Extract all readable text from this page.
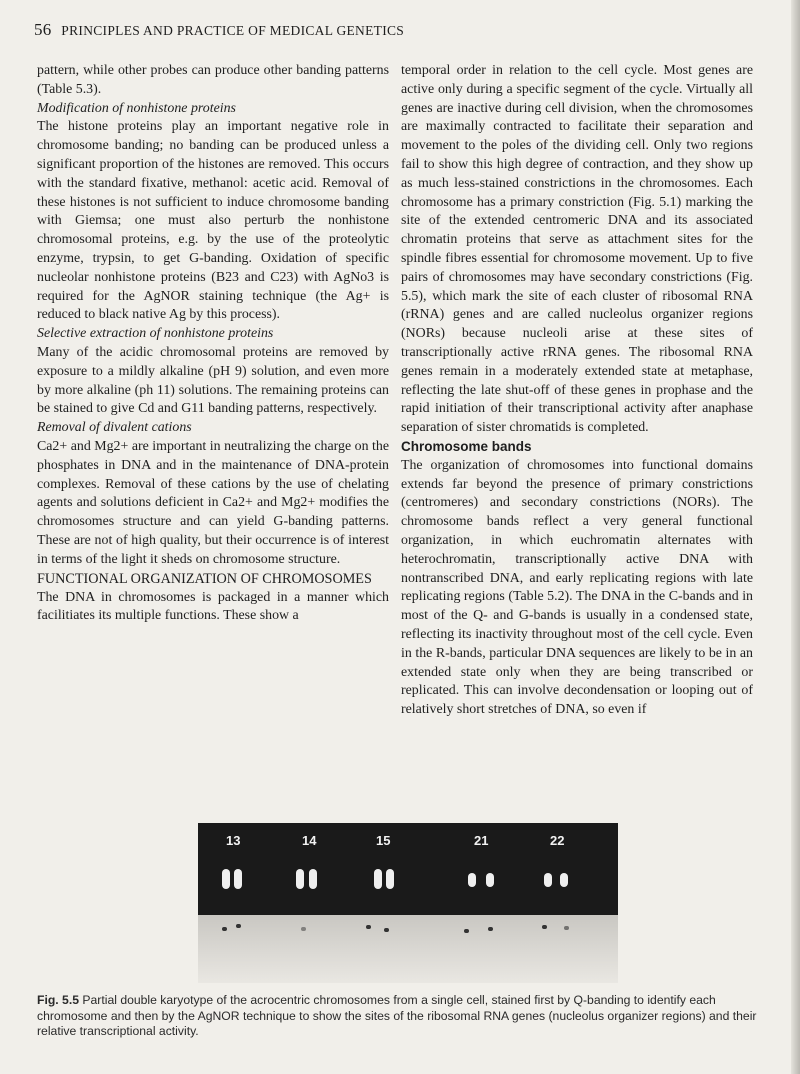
56 PRINCIPLES AND PRACTICE OF MEDICAL GENETICS

pattern, while other probes can produce other banding patterns (Table 5.3).

Modification of nonhistone proteins

The histone proteins play an important negative role in chromosome banding; no banding can be produced unless a significant proportion of the histones are removed. This occurs with the standard fixative, methanol: acetic acid. Removal of these histones is not sufficient to induce chromosome banding with Giemsa; one must also perturb the nonhistone chromosomal proteins, e.g. by the use of the proteolytic enzyme, trypsin, to get G-banding. Oxidation of specific nucleolar nonhistone proteins (B23 and C23) with AgNo3 is required for the AgNOR staining technique (the Ag+ is reduced to black native Ag by this process).

Selective extraction of nonhistone proteins

Many of the acidic chromosomal proteins are removed by exposure to a mildly alkaline (pH 9) solution, and even more by more alkaline (ph 11) solutions. The remaining proteins can be stained to give Cd and G11 banding patterns, respectively.

Removal of divalent cations

Ca2+ and Mg2+ are important in neutralizing the charge on the phosphates in DNA and in the maintenance of DNA-protein complexes. Removal of these cations by the use of chelating agents and solutions deficient in Ca2+ and Mg2+ modifies the chromosomes structure and can yield G-banding patterns. These are not of high quality, but their occurrence is of interest in terms of the light it sheds on chromosome structure.

FUNCTIONAL ORGANIZATION OF CHROMOSOMES

The DNA in chromosomes is packaged in a manner which facilitiates its multiple functions. These show a

temporal order in relation to the cell cycle. Most genes are active only during a specific segment of the cycle. Virtually all genes are inactive during cell division, when the chromosomes are maximally contracted to facilitate their separation and movement to the poles of the dividing cell. Only two regions fail to show this high degree of contraction, and they show up as much less-stained constrictions in the chromosomes. Each chromosome has a primary constriction (Fig. 5.1) marking the site of the extended centromeric DNA and its associated chromatin proteins that serve as attachment sites for the spindle fibres essential for chromosome movement. Up to five pairs of chromosomes may have secondary constrictions (Fig. 5.5), which mark the site of each cluster of ribosomal RNA (rRNA) genes and are called nucleolus organizer regions (NORs) because nucleoli arise at these sites of transcriptionally active rRNA genes. The ribosomal RNA genes remain in a moderately extended state at metaphase, reflecting the late shut-off of these genes in prophase and the rapid initiation of their transcriptional activity after anaphase separation of sister chromatids is completed.

Chromosome bands

The organization of chromosomes into functional domains extends far beyond the presence of primary constrictions (centromeres) and secondary constrictions (NORs). The chromosome bands reflect a very general functional organization, in which euchromatin alternates with heterochromatin, transcriptionally active DNA with nontranscribed DNA, and early replicating regions with late replicating regions (Table 5.2). The DNA in the C-bands and in most of the Q- and G-bands is usually in a condensed state, reflecting its inactivity throughout most of the cell cycle. Even in the R-bands, particular DNA sequences are likely to be in an extended state only when they are being transcribed or replicated. This can involve decondensation or looping out of relatively short stretches of DNA, so even if

13	14	15	21	22
Fig. 5.5 Partial double karyotype of the acrocentric chromosomes from a single cell, stained first by Q-banding to identify each chromosome and then by the AgNOR technique to show the sites of the ribosomal RNA genes (nucleolus organizer regions) and their relative transcriptional activity.
